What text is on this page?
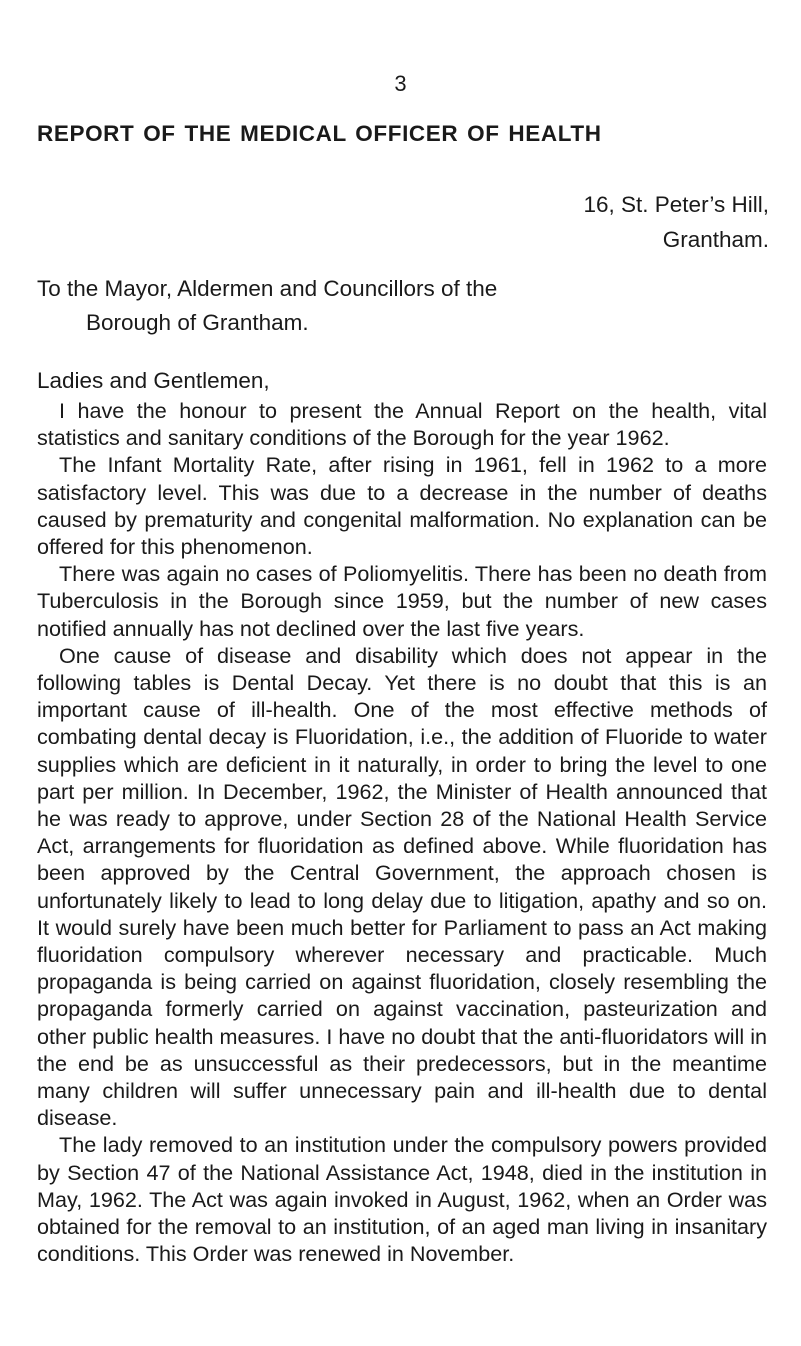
3
REPORT OF THE MEDICAL OFFICER OF HEALTH
16, St. Peter’s Hill,
Grantham.
To the Mayor, Aldermen and Councillors of the
Borough of Grantham.
Ladies and Gentlemen,

I have the honour to present the Annual Report on the health, vital statistics and sanitary conditions of the Borough for the year 1962.

The Infant Mortality Rate, after rising in 1961, fell in 1962 to a more satisfactory level. This was due to a decrease in the number of deaths caused by prematurity and congenital malformation. No explanation can be offered for this phenomenon.

There was again no cases of Poliomyelitis. There has been no death from Tuberculosis in the Borough since 1959, but the number of new cases notified annually has not declined over the last five years.

One cause of disease and disability which does not appear in the following tables is Dental Decay. Yet there is no doubt that this is an important cause of ill-health. One of the most effective methods of combating dental decay is Fluoridation, i.e., the addition of Fluoride to water supplies which are deficient in it naturally, in order to bring the level to one part per million. In December, 1962, the Minister of Health announced that he was ready to approve, under Section 28 of the National Health Service Act, arrangements for fluoridation as defined above. While fluoridation has been approved by the Central Government, the approach chosen is unfortunately likely to lead to long delay due to litigation, apathy and so on. It would surely have been much better for Parliament to pass an Act making fluoridation compulsory wherever necessary and practicable. Much propaganda is being carried on against fluoridation, closely resembling the propaganda formerly carried on against vaccination, pasteurization and other public health measures. I have no doubt that the anti-fluoridators will in the end be as unsuccessful as their predecessors, but in the meantime many children will suffer unnecessary pain and ill-health due to dental disease.

The lady removed to an institution under the compulsory powers provided by Section 47 of the National Assistance Act, 1948, died in the institution in May, 1962. The Act was again invoked in August, 1962, when an Order was obtained for the removal to an institution, of an aged man living in insanitary conditions. This Order was renewed in November.
